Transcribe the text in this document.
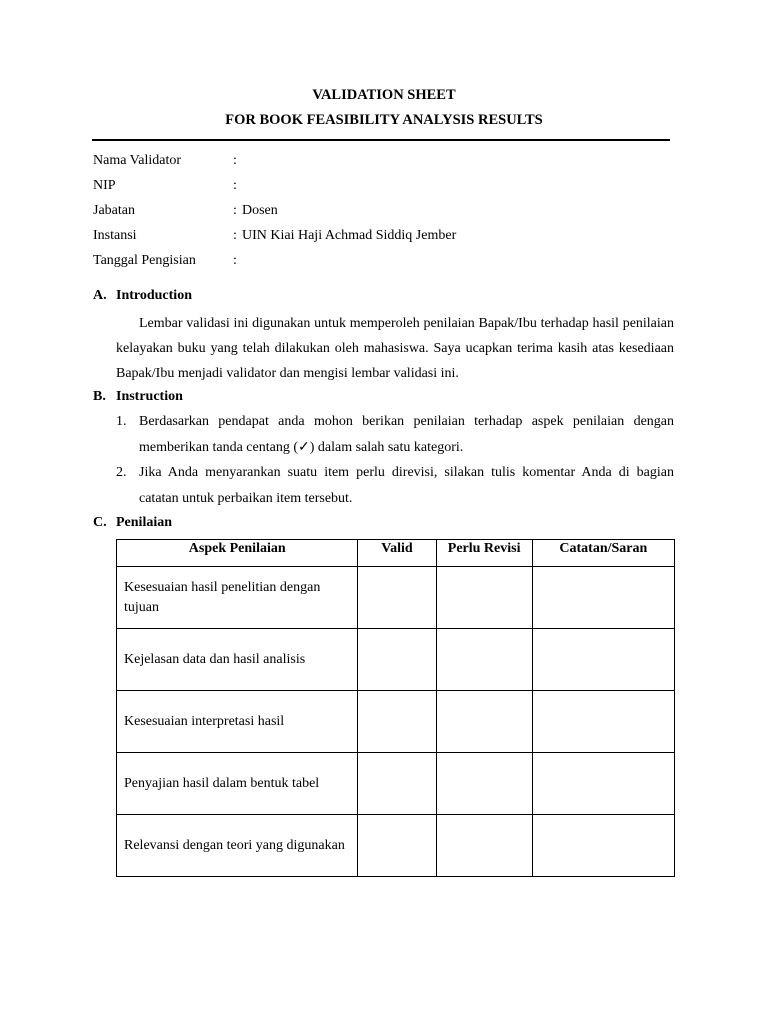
VALIDATION SHEET
FOR BOOK FEASIBILITY ANALYSIS RESULTS
Nama Validator	:
NIP	:
Jabatan	: Dosen
Instansi	: UIN Kiai Haji Achmad Siddiq Jember
Tanggal Pengisian	:
A. Introduction
Lembar validasi ini digunakan untuk memperoleh penilaian Bapak/Ibu terhadap hasil penilaian kelayakan buku yang telah dilakukan oleh mahasiswa. Saya ucapkan terima kasih atas kesediaan Bapak/Ibu menjadi validator dan mengisi lembar validasi ini.
B. Instruction
1. Berdasarkan pendapat anda mohon berikan penilaian terhadap aspek penilaian dengan memberikan tanda centang (✓) dalam salah satu kategori.
2. Jika Anda menyarankan suatu item perlu direvisi, silakan tulis komentar Anda di bagian catatan untuk perbaikan item tersebut.
C. Penilaian
Aspek Penilaian	Valid	Perlu Revisi	Catatan/Saran
Kesesuaian hasil penelitian dengan tujuan			
Kejelasan data dan hasil analisis			
Kesesuaian interpretasi hasil			
Penyajian hasil dalam bentuk tabel			
Relevansi dengan teori yang digunakan			
